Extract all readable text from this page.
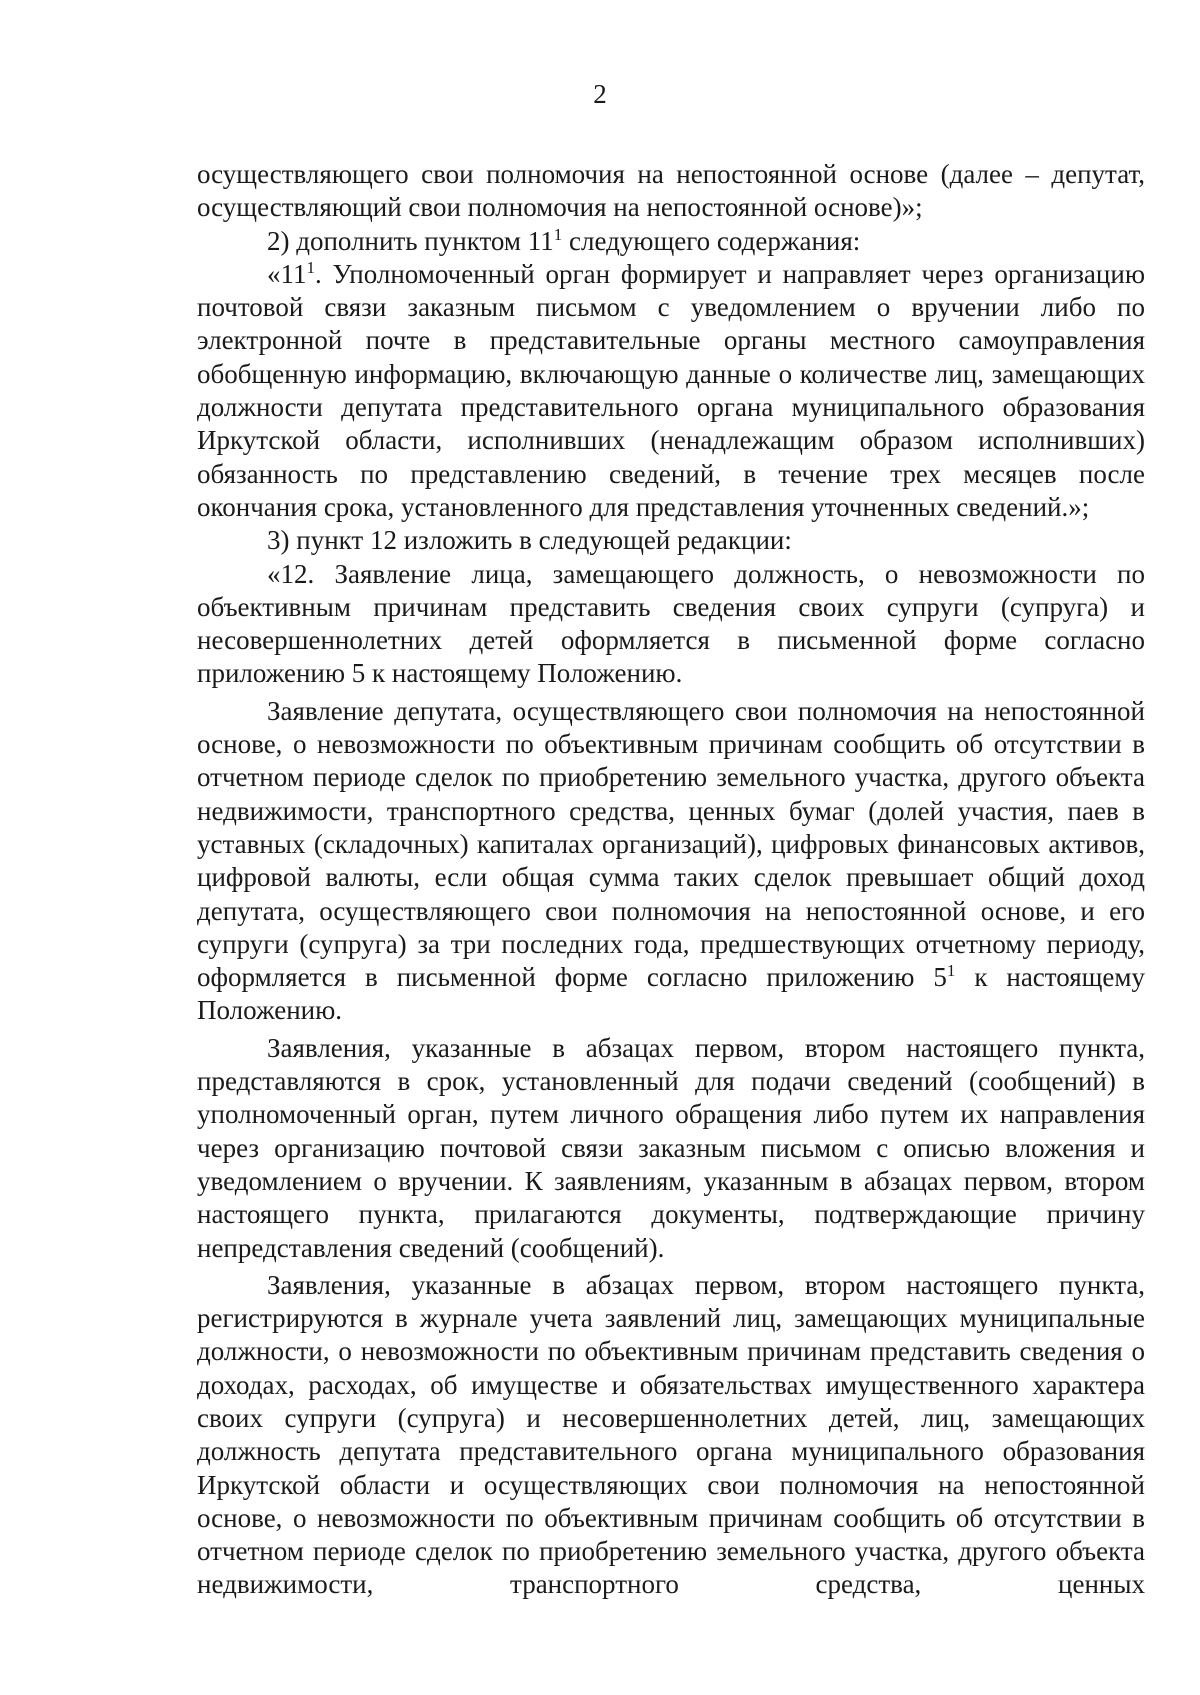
2

осуществляющего свои полномочия на непостоянной основе (далее – депутат, осуществляющий свои полномочия на непостоянной основе)»;

2) дополнить пунктом $11^1$ следующего содержания:

«$11^1$. Уполномоченный орган формирует и направляет через организацию почтовой связи заказным письмом с уведомлением о вручении либо по электронной почте в представительные органы местного самоуправления обобщенную информацию, включающую данные о количестве лиц, замещающих должности депутата представительного органа муниципального образования Иркутской области, исполнивших (ненадлежащим образом исполнивших) обязанность по представлению сведений, в течение трех месяцев после окончания срока, установленного для представления уточненных сведений.»;

3) пункт 12 изложить в следующей редакции:

«12. Заявление лица, замещающего должность, о невозможности по объективным причинам представить сведения своих супруги (супруга) и несовершеннолетних детей оформляется в письменной форме согласно приложению 5 к настоящему Положению.

Заявление депутата, осуществляющего свои полномочия на непостоянной основе, о невозможности по объективным причинам сообщить об отсутствии в отчетном периоде сделок по приобретению земельного участка, другого объекта недвижимости, транспортного средства, ценных бумаг (долей участия, паев в уставных (складочных) капиталах организаций), цифровых финансовых активов, цифровой валюты, если общая сумма таких сделок превышает общий доход депутата, осуществляющего свои полномочия на непостоянной основе, и его супруги (супруга) за три последних года, предшествующих отчетному периоду, оформляется в письменной форме согласно приложению $5^1$ к настоящему Положению.

Заявления, указанные в абзацах первом, втором настоящего пункта, представляются в срок, установленный для подачи сведений (сообщений) в уполномоченный орган, путем личного обращения либо путем их направления через организацию почтовой связи заказным письмом с описью вложения и уведомлением о вручении. К заявлениям, указанным в абзацах первом, втором настоящего пункта, прилагаются документы, подтверждающие причину непредставления сведений (сообщений).

Заявления, указанные в абзацах первом, втором настоящего пункта, регистрируются в журнале учета заявлений лиц, замещающих муниципальные должности, о невозможности по объективным причинам представить сведения о доходах, расходах, об имуществе и обязательствах имущественного характера своих супруги (супруга) и несовершеннолетних детей, лиц, замещающих должность депутата представительного органа муниципального образования Иркутской области и осуществляющих свои полномочия на непостоянной основе, о невозможности по объективным причинам сообщить об отсутствии в отчетном периоде сделок по приобретению земельного участка, другого объекта недвижимости, транспортного средства, ценных
